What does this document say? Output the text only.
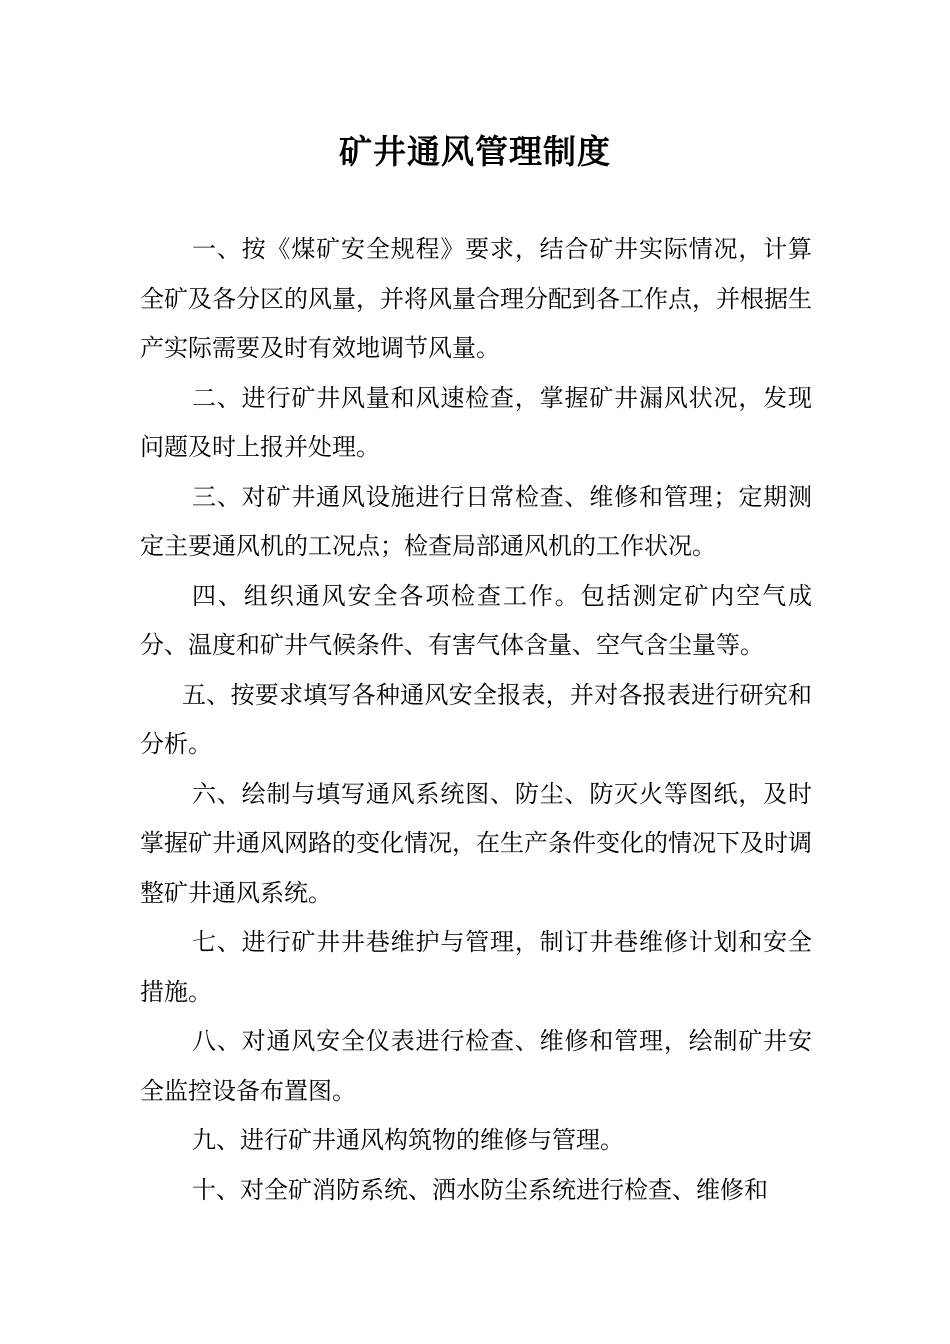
矿井通风管理制度

一、按《煤矿安全规程》要求，结合矿井实际情况，计算全矿及各分区的风量，并将风量合理分配到各工作点，并根据生产实际需要及时有效地调节风量。

二、进行矿井风量和风速检查，掌握矿井漏风状况，发现问题及时上报并处理。

三、对矿井通风设施进行日常检查、维修和管理；定期测定主要通风机的工况点；检查局部通风机的工作状况。

四、组织通风安全各项检查工作。包括测定矿内空气成分、温度和矿井气候条件、有害气体含量、空气含尘量等。

五、按要求填写各种通风安全报表，并对各报表进行研究和分析。

六、绘制与填写通风系统图、防尘、防灭火等图纸，及时掌握矿井通风网路的变化情况，在生产条件变化的情况下及时调整矿井通风系统。

七、进行矿井井巷维护与管理，制订井巷维修计划和安全措施。

八、对通风安全仪表进行检查、维修和管理，绘制矿井安全监控设备布置图。

九、进行矿井通风构筑物的维修与管理。

十、对全矿消防系统、洒水防尘系统进行检查、维修和
